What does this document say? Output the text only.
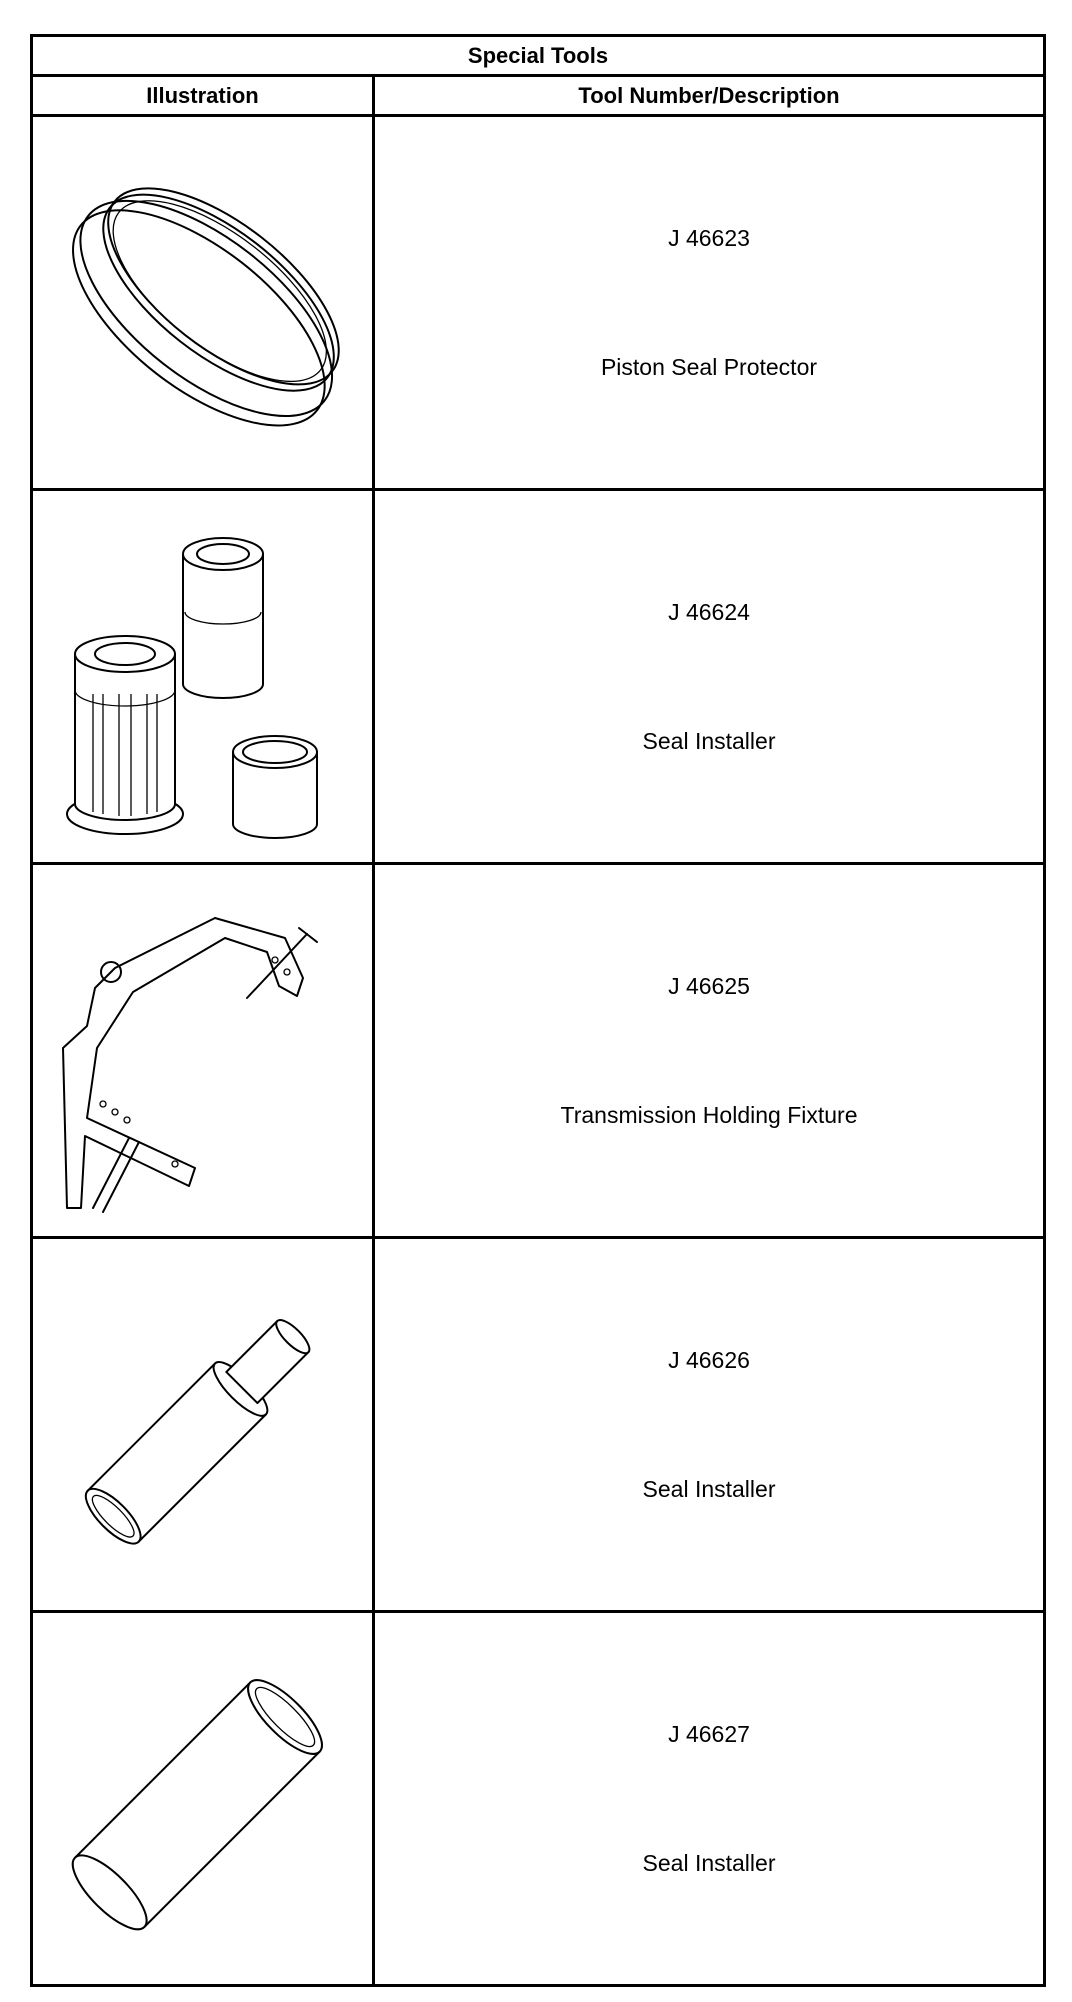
Special Tools	
Illustration	Tool Number/Description

J 46623
Piston Seal Protector

J 46624
Seal Installer

J 46625
Transmission Holding Fixture

J 46626
Seal Installer

J 46627
Seal Installer
